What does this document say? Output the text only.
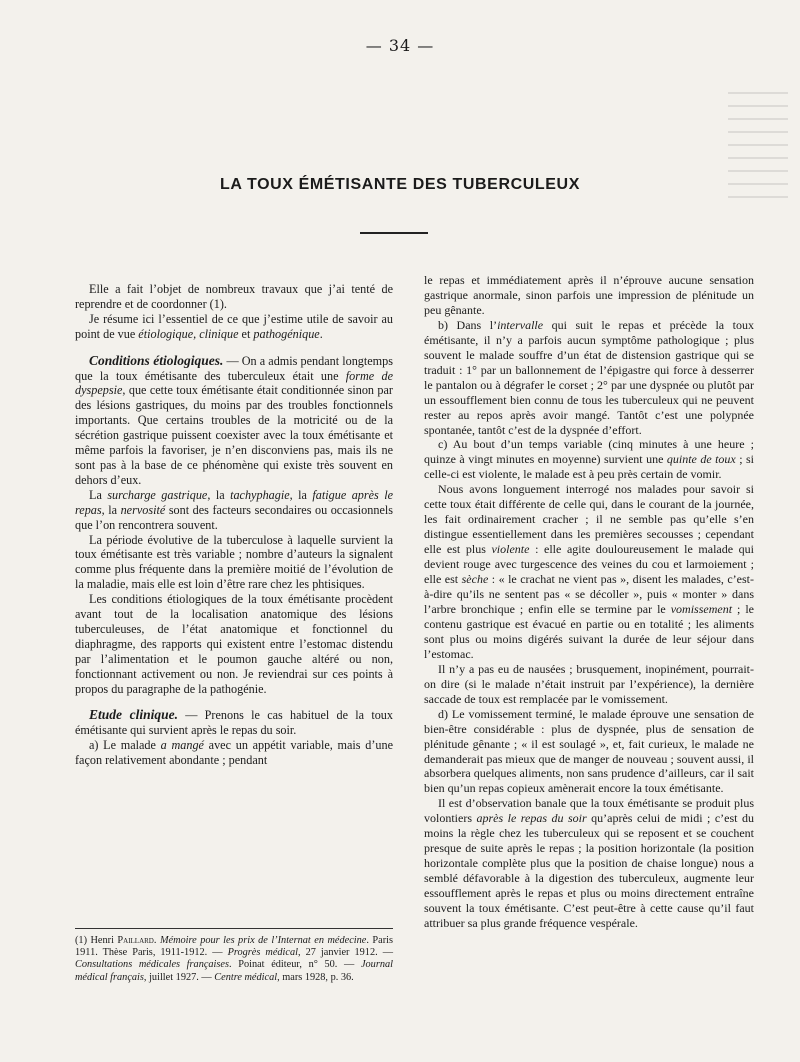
— 34 —
LA TOUX ÉMÉTISANTE DES TUBERCULEUX

Elle a fait l’objet de nombreux travaux que j’ai tenté de reprendre et de coordonner (1).

Je résume ici l’essentiel de ce que j’estime utile de savoir au point de vue étiologique, clinique et pathogénique.

Conditions étiologiques. — On a admis pendant longtemps que la toux émétisante des tuberculeux était une forme de dyspepsie, que cette toux émétisante était conditionnée sinon par des lésions gastriques, du moins par des troubles fonctionnels importants. Que certains troubles de la motricité ou de la sécrétion gastrique puissent coexister avec la toux émétisante et même parfois la favoriser, je n’en disconviens pas, mais ils ne sont pas à la base de ce phénomène qui existe très souvent en dehors d’eux.

La surcharge gastrique, la tachyphagie, la fatigue après le repas, la nervosité sont des facteurs secondaires ou occasionnels que l’on rencontrera souvent.

La période évolutive de la tuberculose à laquelle survient la toux émétisante est très variable ; nombre d’auteurs la signalent comme plus fréquente dans la première moitié de l’évolution de la maladie, mais elle est loin d’être rare chez les phtisiques.

Les conditions étiologiques de la toux émétisante procèdent avant tout de la localisation anatomique des lésions tuberculeuses, de l’état anatomique et fonctionnel du diaphragme, des rapports qui existent entre l’estomac distendu par l’alimentation et le poumon gauche altéré ou non, fonctionnant activement ou non. Je reviendrai sur ces points à propos du paragraphe de la pathogénie.

Etude clinique. — Prenons le cas habituel de la toux émétisante qui survient après le repas du soir.

a) Le malade a mangé avec un appétit variable, mais d’une façon relativement abondante ; pendant

le repas et immédiatement après il n’éprouve aucune sensation gastrique anormale, sinon parfois une impression de plénitude un peu gênante.

b) Dans l’intervalle qui suit le repas et précède la toux émétisante, il n’y a parfois aucun symptôme pathologique ; plus souvent le malade souffre d’un état de distension gastrique qui se traduit : 1° par un ballonnement de l’épigastre qui force à desserrer le pantalon ou à dégrafer le corset ; 2° par une dyspnée ou plutôt par un essoufflement bien connu de tous les tuberculeux qui ne peuvent rester au repos après avoir mangé. Tantôt c’est une polypnée spontanée, tantôt c’est de la dyspnée d’effort.

c) Au bout d’un temps variable (cinq minutes à une heure ; quinze à vingt minutes en moyenne) survient une quinte de toux ; si celle-ci est violente, le malade est à peu près certain de vomir.

Nous avons longuement interrogé nos malades pour savoir si cette toux était différente de celle qui, dans le courant de la journée, les fait ordinairement cracher ; il ne semble pas qu’elle s’en distingue essentiellement dans les premières secousses ; cependant elle est plus violente : elle agite douloureusement le malade qui devient rouge avec turgescence des veines du cou et larmoiement ; elle est sèche : « le crachat ne vient pas », disent les malades, c’est-à-dire qu’ils ne sentent pas « se décoller », puis « monter » dans l’arbre bronchique ; enfin elle se termine par le vomissement ; le contenu gastrique est évacué en partie ou en totalité ; les aliments sont plus ou moins digérés suivant la durée de leur séjour dans l’estomac.

Il n’y a pas eu de nausées ; brusquement, inopinément, pourrait-on dire (si le malade n’était instruit par l’expérience), la dernière saccade de toux est remplacée par le vomissement.

d) Le vomissement terminé, le malade éprouve une sensation de bien-être considérable : plus de dyspnée, plus de sensation de plénitude gênante ; « il est soulagé », et, fait curieux, le malade ne demanderait pas mieux que de manger de nouveau ; souvent aussi, il absorbera quelques aliments, non sans prudence d’ailleurs, car il sait bien qu’un repas copieux amènerait encore la toux émétisante.

Il est d’observation banale que la toux émétisante se produit plus volontiers après le repas du soir qu’après celui de midi ; c’est du moins la règle chez les tuberculeux qui se reposent et se couchent presque de suite après le repas ; la position horizontale (la position horizontale complète plus que la position de chaise longue) nous a semblé défavorable à la digestion des tuberculeux, augmente leur essoufflement après le repas et plus ou moins directement entraîne souvent la toux émétisante. C’est peut-être à cette cause qu’il faut attribuer sa plus grande fréquence vespérale.

(1) Henri Paillard. Mémoire pour les prix de l’Internat en médecine. Paris 1911. Thèse Paris, 1911-1912. — Progrès médical, 27 janvier 1912. — Consultations médicales françaises. Poinat éditeur, n° 50. — Journal médical français, juillet 1927. — Centre médical, mars 1928, p. 36.
